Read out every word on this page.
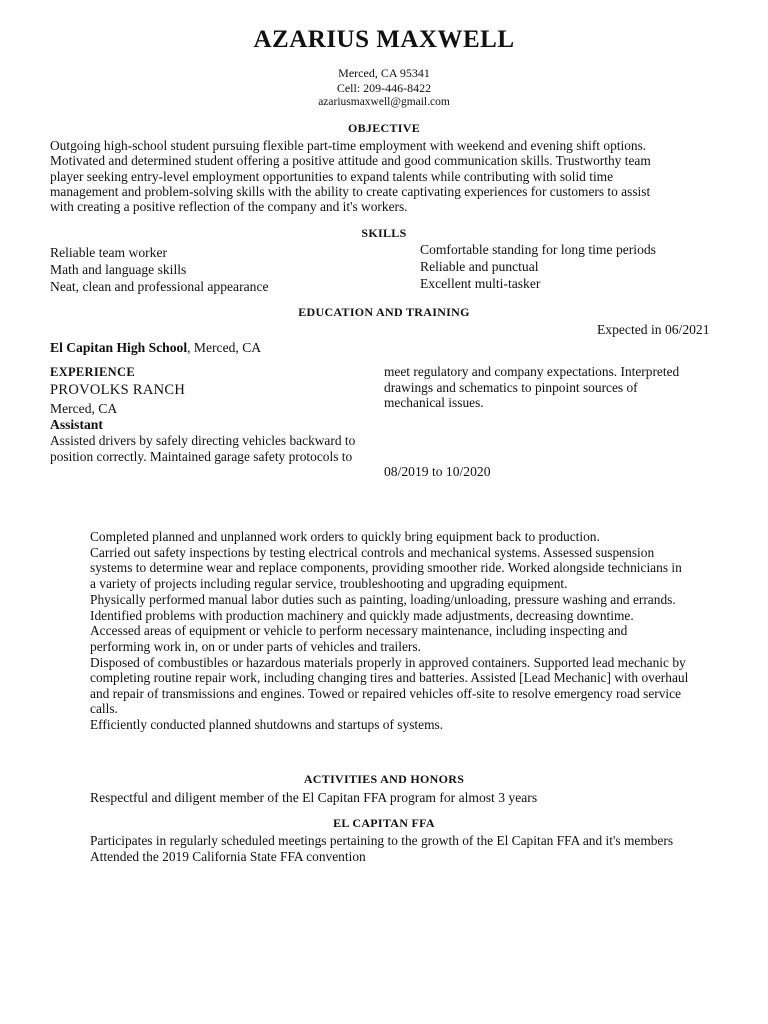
AZARIUS MAXWELL
Merced, CA 95341
Cell: 209-446-8422
azariusmaxwell@gmail.com
OBJECTIVE
Outgoing high-school student pursuing flexible part-time employment with weekend and evening shift options.
Motivated and determined student offering a positive attitude and good communication skills. Trustworthy team
player seeking entry-level employment opportunities to expand talents while contributing with solid time
management and problem-solving skills with the ability to create captivating experiences for customers to assist
with creating a positive reflection of the company and it's workers.
SKILLS
Reliable team worker
Math and language skills
Neat, clean and professional appearance
Comfortable standing for long time periods
Reliable and punctual
Excellent multi-tasker
EDUCATION AND TRAINING
Expected in 06/2021
El Capitan High School, Merced, CA
EXPERIENCE
PROVOLKS RANCH
Merced, CA
Assistant
Assisted drivers by safely directing vehicles backward to
position correctly. Maintained garage safety protocols to
meet regulatory and company expectations. Interpreted
drawings and schematics to pinpoint sources of
mechanical issues.
08/2019 to 10/2020
Completed planned and unplanned work orders to quickly bring equipment back to production.
Carried out safety inspections by testing electrical controls and mechanical systems. Assessed suspension systems to determine wear and replace components, providing smoother ride. Worked alongside technicians in a variety of projects including regular service, troubleshooting and upgrading equipment.
Physically performed manual labor duties such as painting, loading/unloading, pressure washing and errands.
Identified problems with production machinery and quickly made adjustments, decreasing downtime.
Accessed areas of equipment or vehicle to perform necessary maintenance, including inspecting and performing work in, on or under parts of vehicles and trailers.
Disposed of combustibles or hazardous materials properly in approved containers. Supported lead mechanic by completing routine repair work, including changing tires and batteries. Assisted [Lead Mechanic] with overhaul and repair of transmissions and engines. Towed or repaired vehicles off-site to resolve emergency road service calls.
Efficiently conducted planned shutdowns and startups of systems.
ACTIVITIES AND HONORS
Respectful and diligent member of the El Capitan FFA program for almost 3 years
EL CAPITAN FFA
Participates in regularly scheduled meetings pertaining to the growth of the El Capitan FFA and it's members
Attended the 2019 California State FFA convention
